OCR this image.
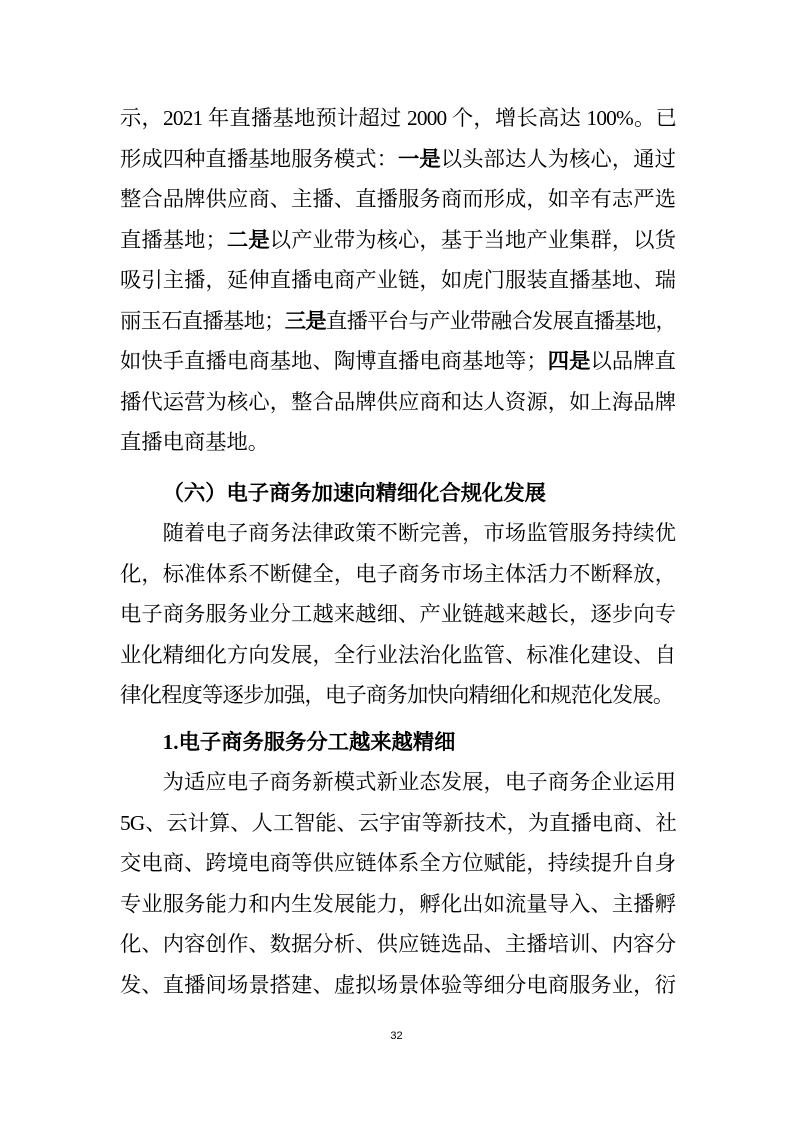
示，2021 年直播基地预计超过 2000 个，增长高达 100%。已
形成四种直播基地服务模式：一是以头部达人为核心，通过
整合品牌供应商、主播、直播服务商而形成，如辛有志严选
直播基地；二是以产业带为核心，基于当地产业集群，以货
吸引主播，延伸直播电商产业链，如虎门服装直播基地、瑞
丽玉石直播基地；三是直播平台与产业带融合发展直播基地，
如快手直播电商基地、陶博直播电商基地等；四是以品牌直
播代运营为核心，整合品牌供应商和达人资源，如上海品牌
直播电商基地。
（六）电子商务加速向精细化合规化发展
随着电子商务法律政策不断完善，市场监管服务持续优
化，标准体系不断健全，电子商务市场主体活力不断释放，
电子商务服务业分工越来越细、产业链越来越长，逐步向专
业化精细化方向发展，全行业法治化监管、标准化建设、自
律化程度等逐步加强，电子商务加快向精细化和规范化发展。
1.电子商务服务分工越来越精细
为适应电子商务新模式新业态发展，电子商务企业运用
5G、云计算、人工智能、云宇宙等新技术，为直播电商、社
交电商、跨境电商等供应链体系全方位赋能，持续提升自身
专业服务能力和内生发展能力，孵化出如流量导入、主播孵
化、内容创作、数据分析、供应链选品、主播培训、内容分
发、直播间场景搭建、虚拟场景体验等细分电商服务业，衍
32
